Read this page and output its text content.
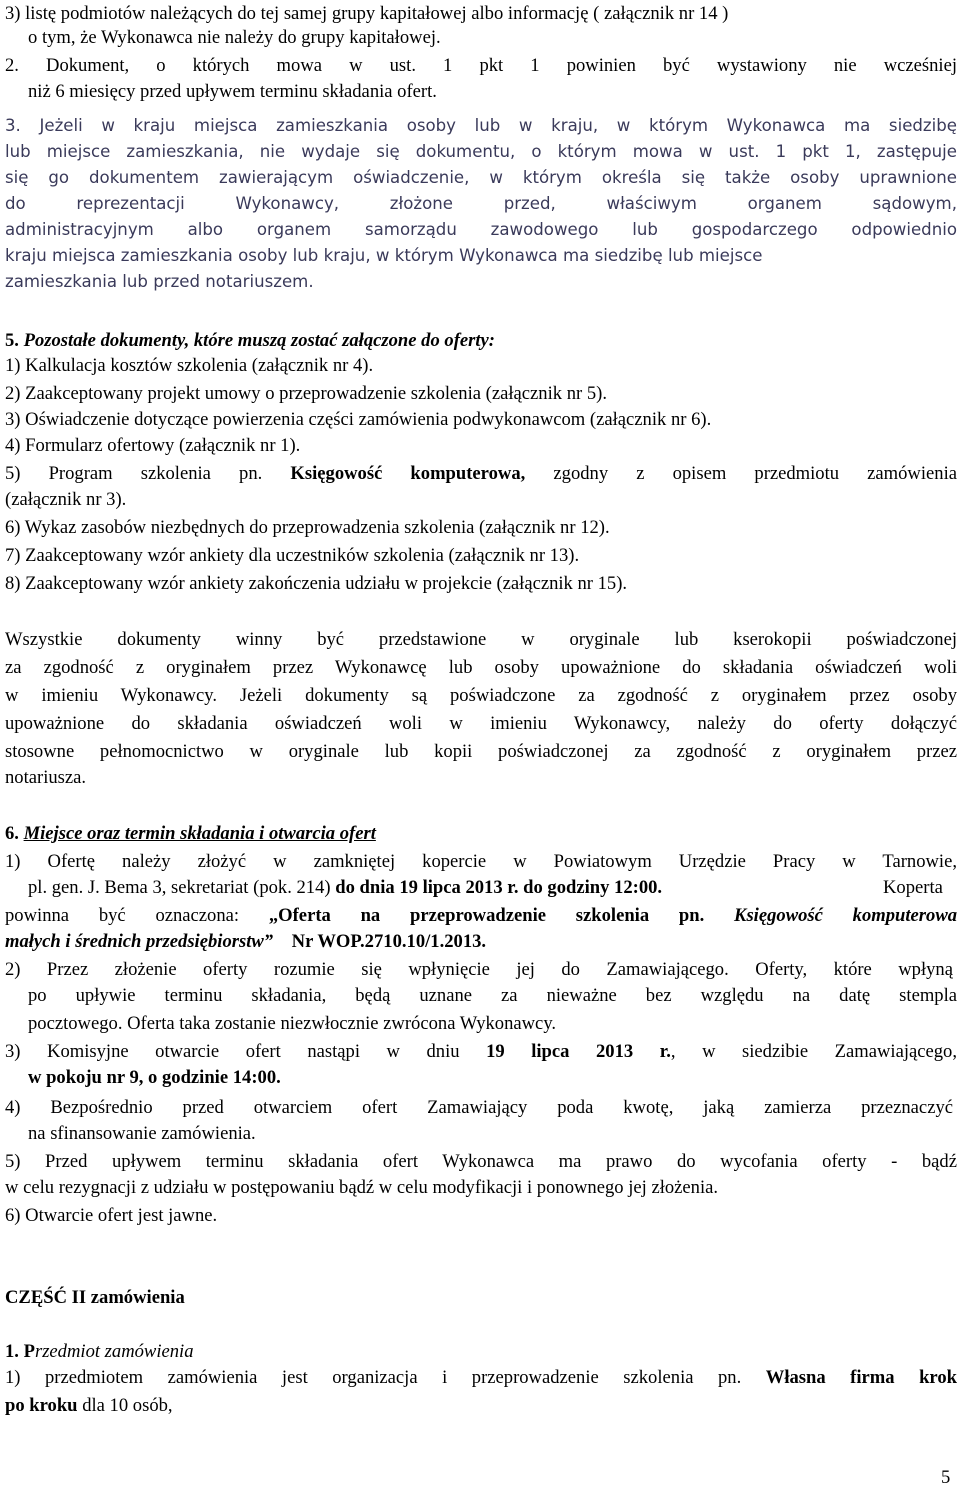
3) listę podmiotów należących do tej samej grupy kapitałowej albo informację ( załącznik nr 14 )
o tym, że Wykonawca nie należy do grupy kapitałowej.
2. Dokument, o których mowa w ust. 1 pkt 1 powinien być wystawiony nie wcześniej
niż 6 miesięcy przed upływem terminu składania ofert.
3. Jeżeli w kraju miejsca zamieszkania osoby lub w kraju, w którym Wykonawca ma siedzibę
lub miejsce zamieszkania, nie wydaje się dokumentu, o którym mowa w ust. 1 pkt 1, zastępuje
się go dokumentem zawierającym oświadczenie, w którym określa się także osoby uprawnione
do reprezentacji Wykonawcy, złożone przed, właściwym organem sądowym,
administracyjnym albo organem samorządu zawodowego lub gospodarczego odpowiednio
kraju miejsca zamieszkania osoby lub kraju, w którym Wykonawca ma siedzibę lub miejsce
zamieszkania lub przed notariuszem.
5. Pozostałe dokumenty, które muszą zostać załączone do oferty:
1) Kalkulacja kosztów szkolenia (załącznik nr 4).
2) Zaakceptowany projekt umowy o przeprowadzenie szkolenia (załącznik nr 5).
3) Oświadczenie dotyczące powierzenia części zamówienia podwykonawcom (załącznik nr 6).
4) Formularz ofertowy (załącznik nr 1).
5) Program szkolenia pn. Księgowość komputerowa, zgodny z opisem przedmiotu zamówienia
(załącznik nr 3).
6) Wykaz zasobów niezbędnych do przeprowadzenia szkolenia (załącznik nr 12).
7) Zaakceptowany wzór ankiety dla uczestników szkolenia (załącznik nr 13).
8) Zaakceptowany wzór ankiety zakończenia udziału w projekcie (załącznik nr 15).
Wszystkie dokumenty winny być przedstawione w oryginale lub kserokopii poświadczonej
za zgodność z oryginałem przez Wykonawcę lub osoby upoważnione do składania oświadczeń woli
w imieniu Wykonawcy. Jeżeli dokumenty są poświadczone za zgodność z oryginałem przez osoby
upoważnione do składania oświadczeń woli w imieniu Wykonawcy, należy do oferty dołączyć
stosowne pełnomocnictwo w oryginale lub kopii poświadczonej za zgodność z oryginałem przez
notariusza.
6. Miejsce oraz termin składania i otwarcia ofert
1) Ofertę należy złożyć w zamkniętej kopercie w Powiatowym Urzędzie Pracy w Tarnowie,
pl. gen. J. Bema 3, sekretariat (pok. 214) do dnia 19 lipca 2013 r. do godziny 12:00.	Koperta
powinna być oznaczona: „Oferta na przeprowadzenie szkolenia pn. Księgowość komputerowa
małych i średnich przedsiębiorstw” Nr WOP.2710.10/1.2013.
2) Przez złożenie oferty rozumie się wpłynięcie jej do Zamawiającego. Oferty, które wpłyną
po upływie terminu składania, będą uznane za nieważne bez względu na datę stempla
pocztowego. Oferta taka zostanie niezwłocznie zwrócona Wykonawcy.
3) Komisyjne otwarcie ofert nastąpi w dniu 19 lipca 2013 r., w siedzibie Zamawiającego,
w pokoju nr 9, o godzinie 14:00.
4) Bezpośrednio przed otwarciem ofert Zamawiający poda kwotę, jaką zamierza przeznaczyć
na sfinansowanie zamówienia.
5) Przed upływem terminu składania ofert Wykonawca ma prawo do wycofania oferty - bądź
w celu rezygnacji z udziału w postępowaniu bądź w celu modyfikacji i ponownego jej złożenia.
6) Otwarcie ofert jest jawne.
CZĘŚĆ II zamówienia
1. Przedmiot zamówienia
1) przedmiotem zamówienia jest organizacja i przeprowadzenie szkolenia pn. Własna firma krok
po kroku dla 10 osób,
5
